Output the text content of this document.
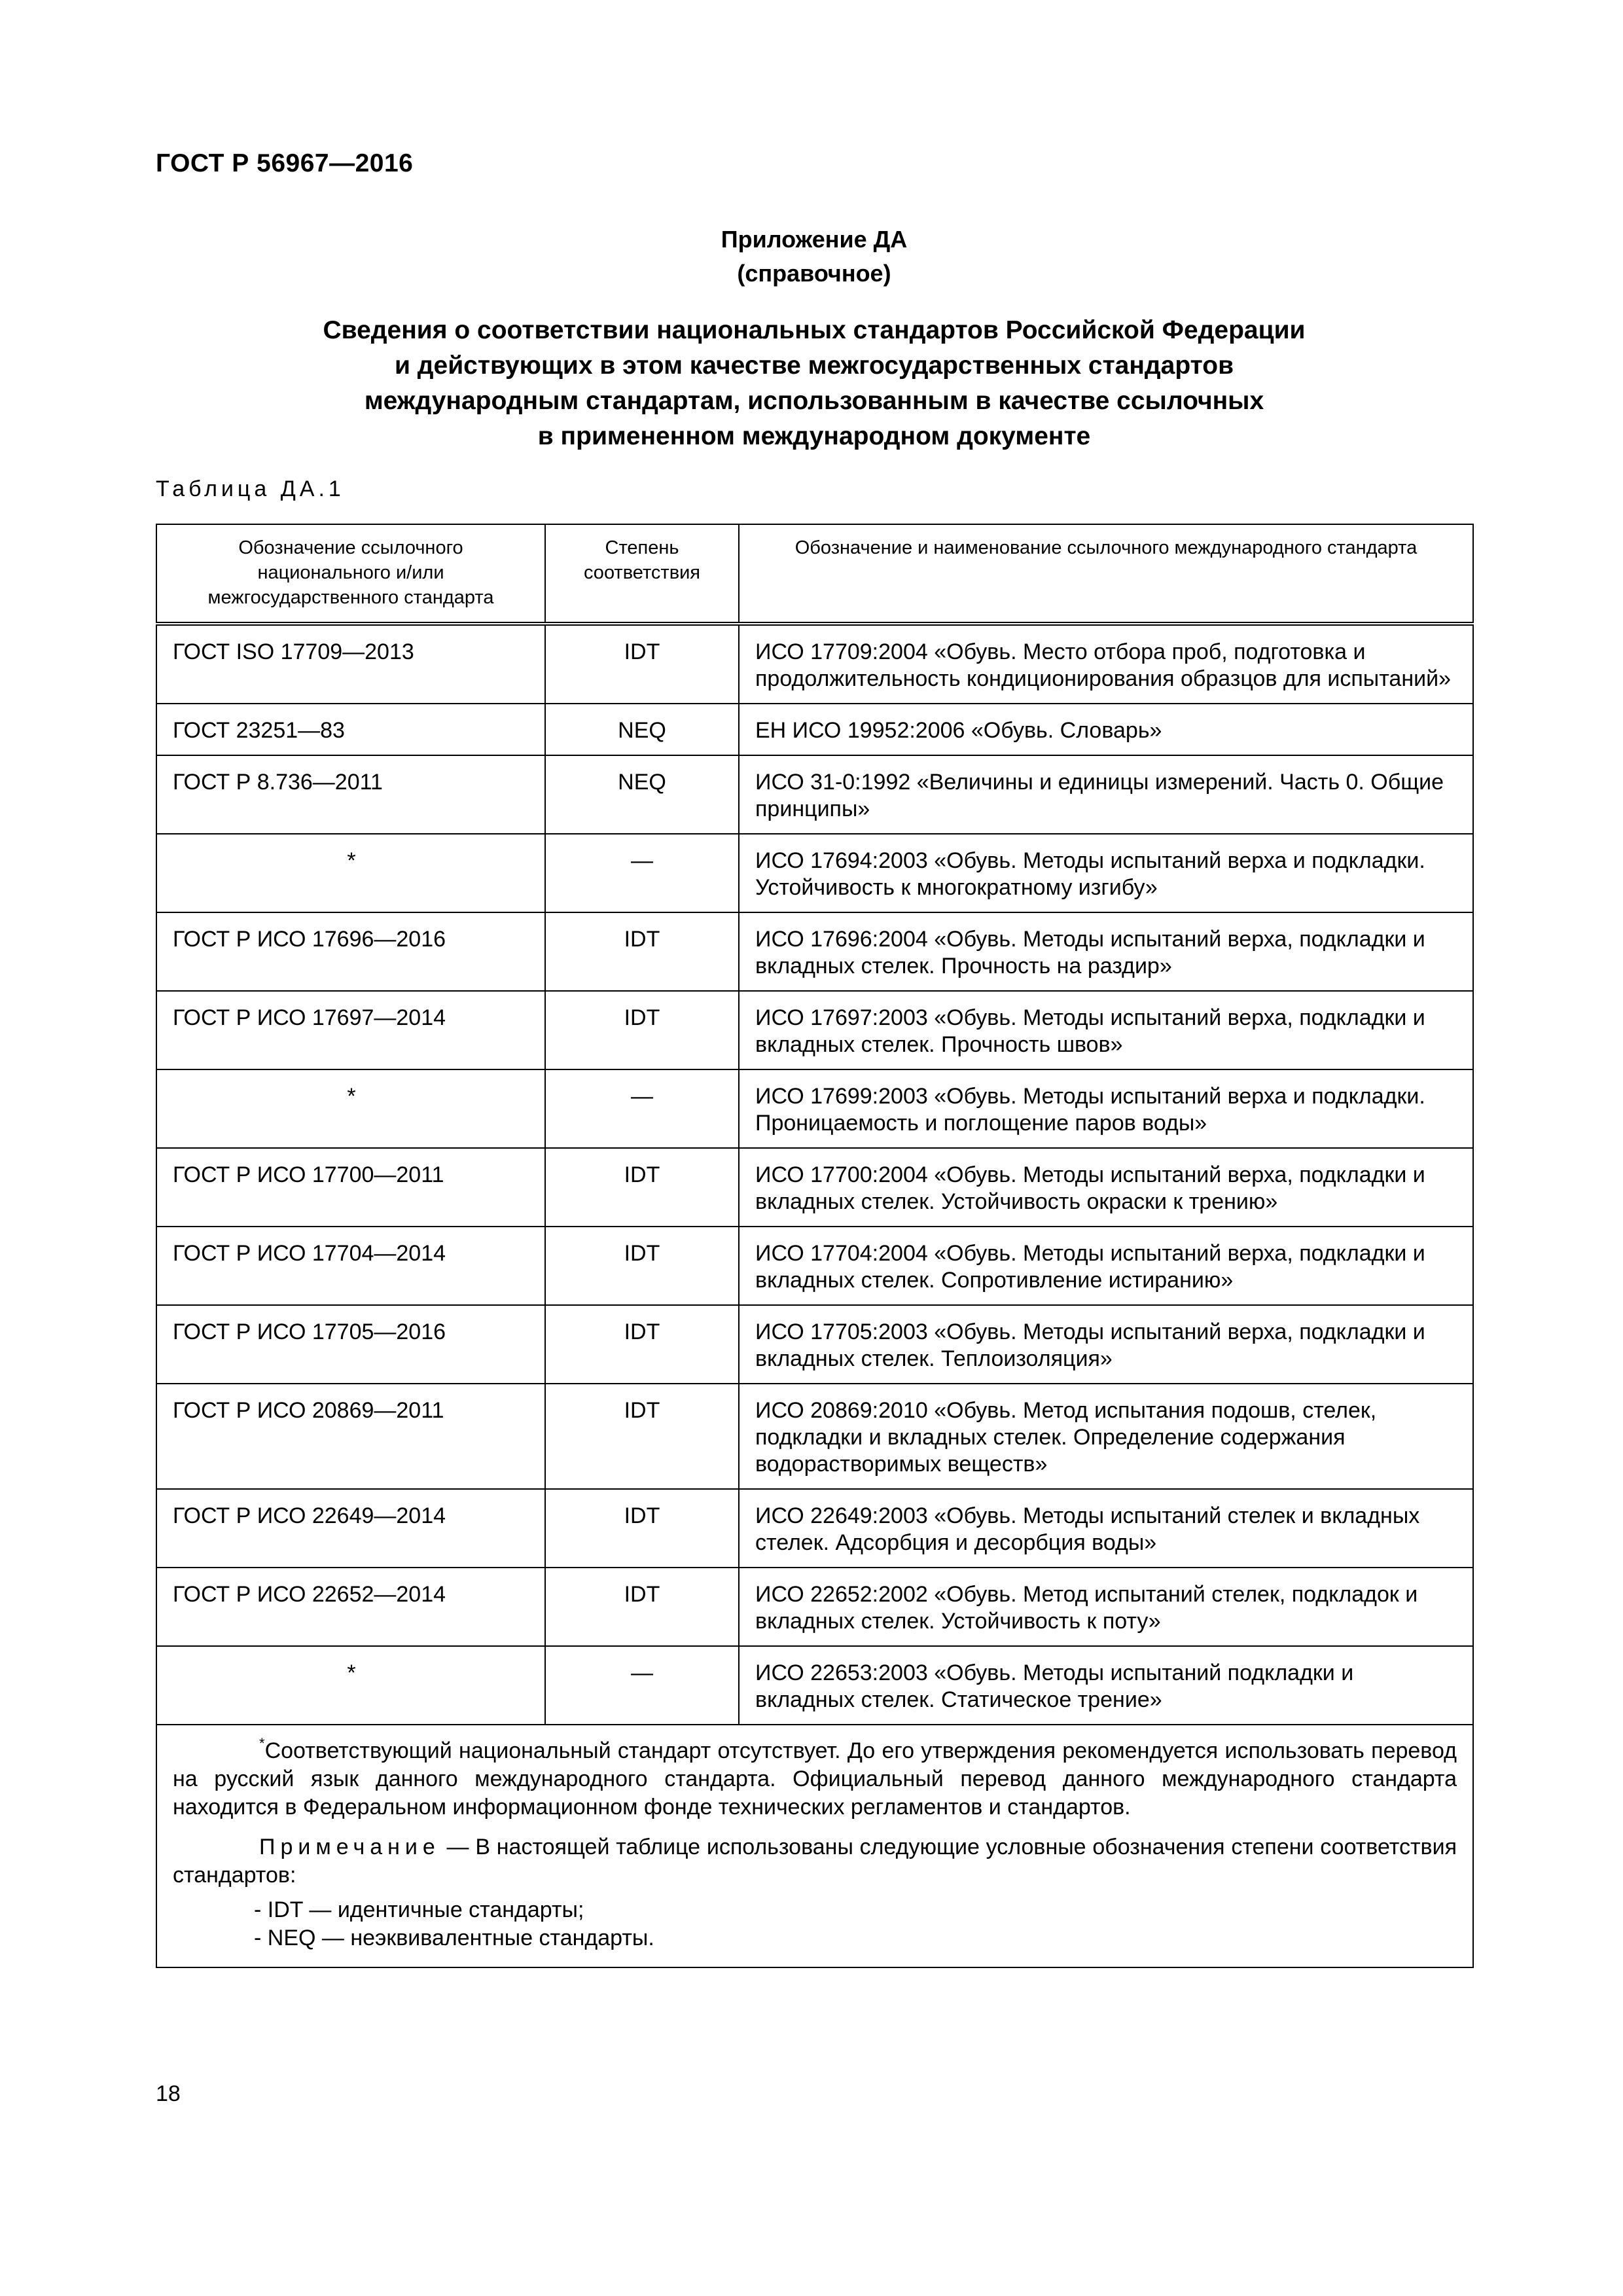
ГОСТ Р 56967—2016
Приложение ДА
(справочное)
Сведения о соответствии национальных стандартов Российской Федерации
и действующих в этом качестве межгосударственных стандартов
международным стандартам, использованным в качестве ссылочных
в примененном международном документе
Таблица ДА.1
Обозначение ссылочного национального и/или межгосударственного стандарта	Степень соответствия	Обозначение и наименование ссылочного международного стандарта
ГОСТ ISO 17709—2013	IDT	ИСО 17709:2004 «Обувь. Место отбора проб, подготовка и продолжительность кондиционирования образцов для испытаний»
ГОСТ 23251—83	NEQ	ЕН ИСО 19952:2006 «Обувь. Словарь»
ГОСТ Р 8.736—2011	NEQ	ИСО 31-0:1992 «Величины и единицы измерений. Часть 0. Общие принципы»
*	—	ИСО 17694:2003 «Обувь. Методы испытаний верха и подкладки. Устойчивость к многократному изгибу»
ГОСТ Р ИСО 17696—2016	IDT	ИСО 17696:2004 «Обувь. Методы испытаний верха, подкладки и вкладных стелек. Прочность на раздир»
ГОСТ Р ИСО 17697—2014	IDT	ИСО 17697:2003 «Обувь. Методы испытаний верха, подкладки и вкладных стелек. Прочность швов»
*	—	ИСО 17699:2003 «Обувь. Методы испытаний верха и подкладки. Проницаемость и поглощение паров воды»
ГОСТ Р ИСО 17700—2011	IDT	ИСО 17700:2004 «Обувь. Методы испытаний верха, подкладки и вкладных стелек. Устойчивость окраски к трению»
ГОСТ Р ИСО 17704—2014	IDT	ИСО 17704:2004 «Обувь. Методы испытаний верха, подкладки и вкладных стелек. Сопротивление истиранию»
ГОСТ Р ИСО 17705—2016	IDT	ИСО 17705:2003 «Обувь. Методы испытаний верха, подкладки и вкладных стелек. Теплоизоляция»
ГОСТ Р ИСО 20869—2011	IDT	ИСО 20869:2010 «Обувь. Метод испытания подошв, стелек, подкладки и вкладных стелек. Определение содержания водорастворимых веществ»
ГОСТ Р ИСО 22649—2014	IDT	ИСО 22649:2003 «Обувь. Методы испытаний стелек и вкладных стелек. Адсорбция и десорбция воды»
ГОСТ Р ИСО 22652—2014	IDT	ИСО 22652:2002 «Обувь. Метод испытаний стелек, подкладок и вкладных стелек. Устойчивость к поту»
*	—	ИСО 22653:2003 «Обувь. Методы испытаний подкладки и вкладных стелек. Статическое трение»

*Соответствующий национальный стандарт отсутствует. До его утверждения рекомендуется использовать перевод на русский язык данного международного стандарта. Официальный перевод данного международного стандарта находится в Федеральном информационном фонде технических регламентов и стандартов.

Примечание — В настоящей таблице использованы следующие условные обозначения степени соответствия стандартов:

- IDT — идентичные стандарты;
- NEQ — неэквивалентные стандарты.		
18
